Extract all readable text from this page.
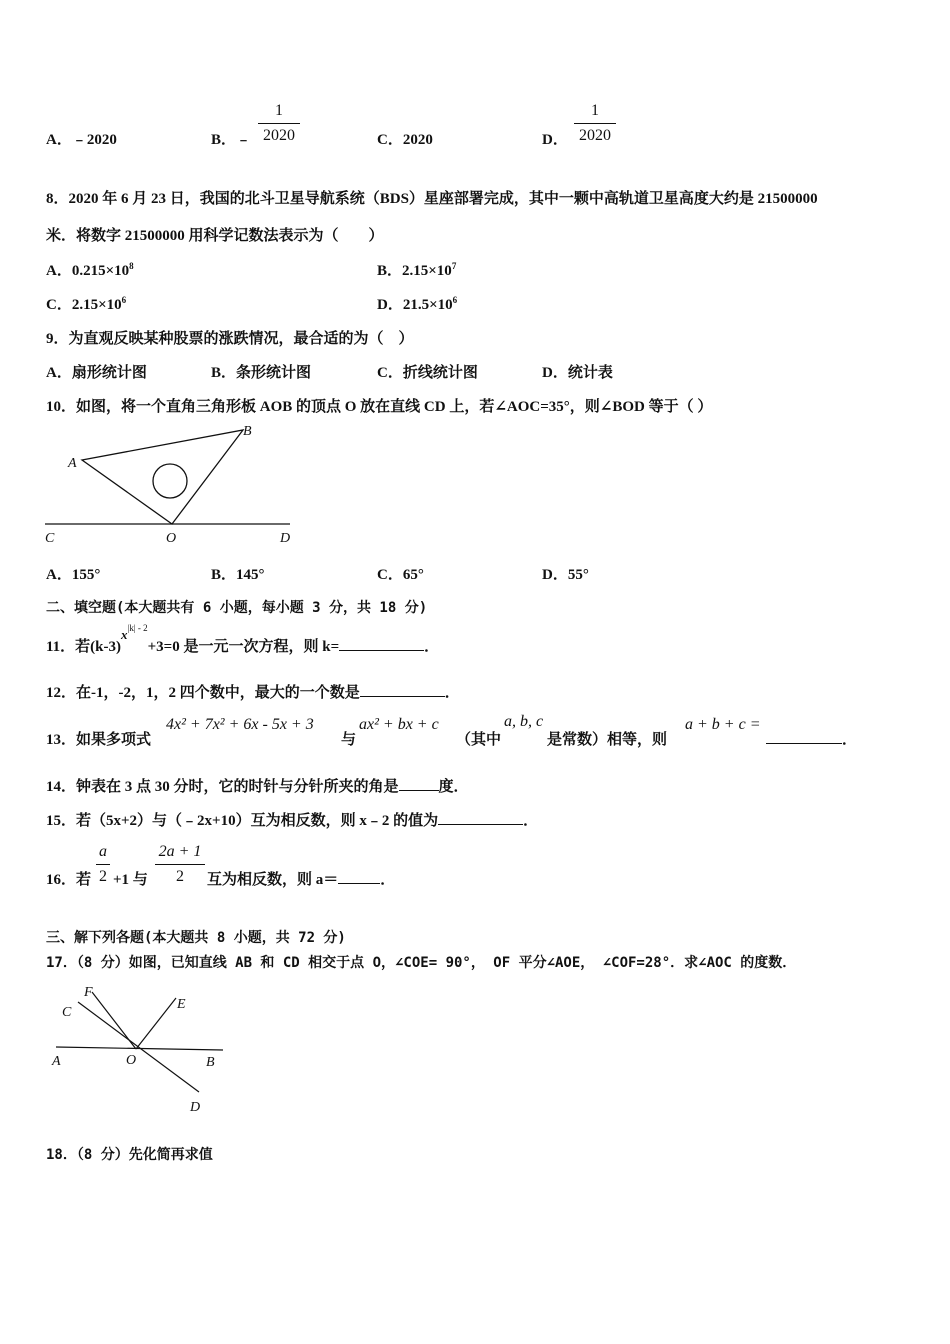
A．﹣2020	B．﹣
1
2020	C．2020	D．
1
2020
8．2020 年 6 月 23 日，我国的北斗卫星导航系统（BDS）星座部署完成，其中一颗中高轨道卫星高度大约是 21500000
米．将数字 21500000 用科学记数法表示为（　　）
A．$0.215\times 10^8$	B．$2.15\times 10^7$
C．$2.15\times 10^6$	D．$21.5\times 10^6$
9．为直观反映某种股票的涨跌情况，最合适的为（　）
A．扇形统计图	B．条形统计图	C．折线统计图	D．统计表
10．如图，将一个直角三角形板 AOB 的顶点 O 放在直线 CD 上，若∠AOC=35°，则∠BOD 等于（ ）
A
B
C	O	D
A．155°	B．145°	C．65°	D．55°
二、填空题(本大题共有 6 小题，每小题 3 分，共 18 分)
11．若$(k-3)x^{|k| - 2}+3=0$ 是一元一次方程，则 k=	．
12．在-1，-2，1，2 四个数中，最大的一个数是	．
13．如果多项式
4x² + 7x² + 6x - 5x + 3
与
ax² + bx + c
（其中
a, b, c
是常数）相等，则
a + b + c =
．
14．钟表在 3 点 30 分时，它的时针与分针所夹的角是	度．
15．若（5x+2）与（﹣2x+10）互为相反数，则 x﹣2 的值为	．
16．若
a
2 +1 与
2a + 1
2	互为相反数，则 a＝	．
三、解下列各题(本大题共 8 小题，共 72 分)
17．（8 分）如图，已知直线 AB 和 CD 相交于点 O，∠COE= 90°， OF 平分∠AOE， ∠COF=28°．求∠AOC 的度数．
F
C
E
A	O	B
D
18．（8 分）先化简再求值
